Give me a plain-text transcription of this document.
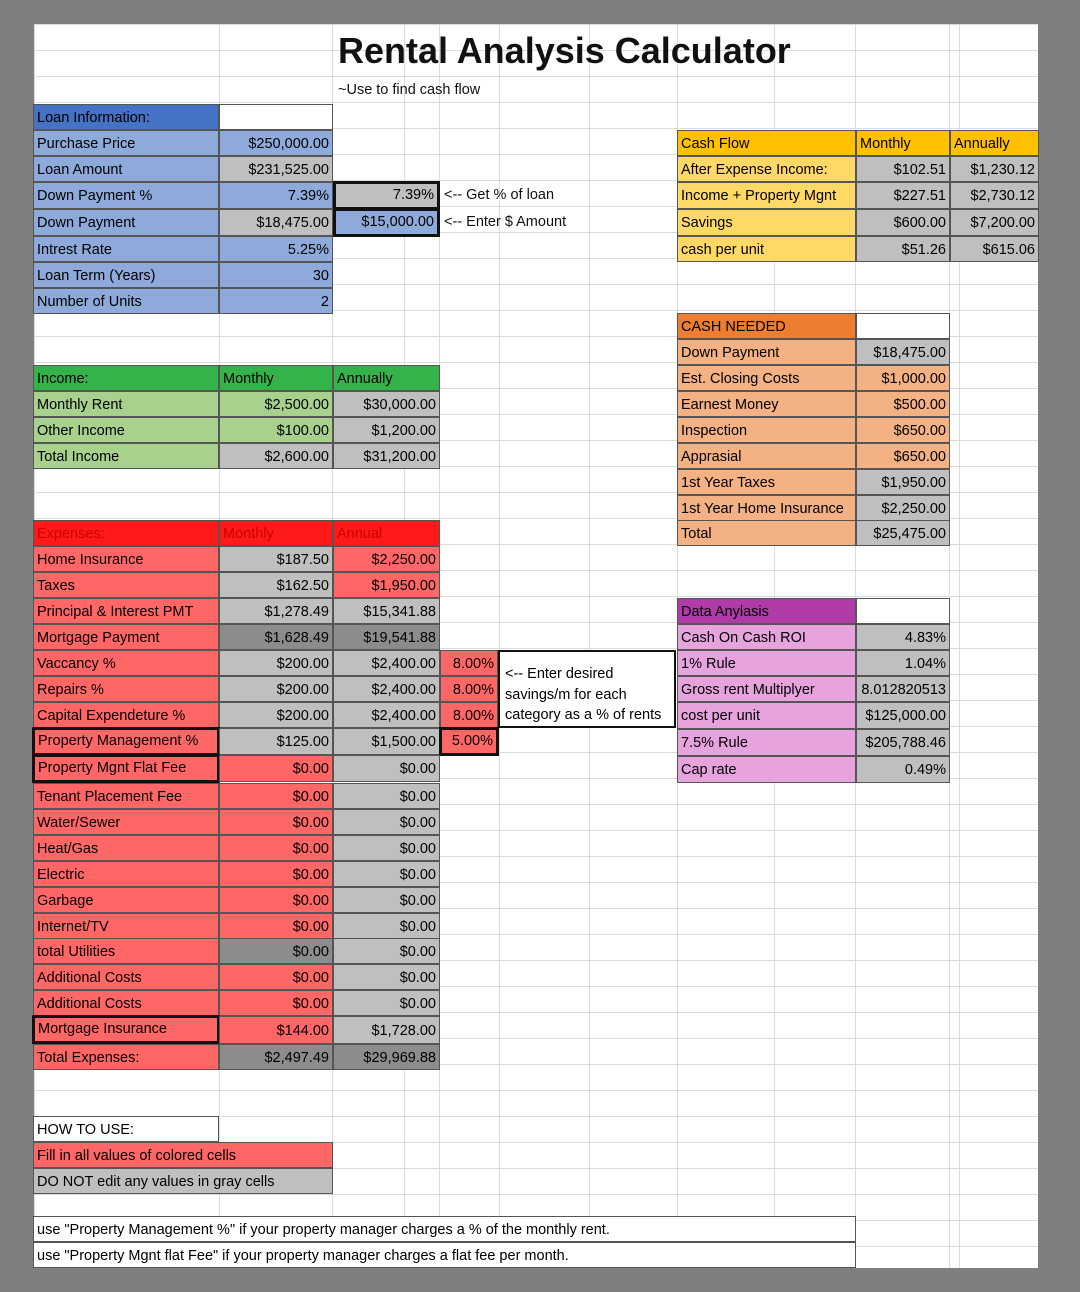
Rental Analysis Calculator
~Use to find cash flow
Loan Information:
Purchase Price	$250,000.00
Loan Amount	$231,525.00
Down Payment %	7.39%	7.39% <-- Get % of loan
Down Payment	$18,475.00	$15,000.00 <-- Enter $ Amount
Intrest Rate	5.25%
Loan Term (Years)	30
Number of Units	2
Income:	Monthly	Annually
Monthly Rent	$2,500.00	$30,000.00
Other Income	$100.00	$1,200.00
Total Income	$2,600.00	$31,200.00
Expenses:	Monthly	Annual
Home Insurance	$187.50	$2,250.00
Taxes	$162.50	$1,950.00
Principal & Interest PMT	$1,278.49	$15,341.88
Mortgage Payment	$1,628.49	$19,541.88
Vaccancy %	$200.00	$2,400.00	8.00%
Repairs %	$200.00	$2,400.00	8.00%
Capital Expendeture %	$200.00	$2,400.00	8.00%
<-- Enter desired
savings/m for each
category as a % of rents
Property Management %	$125.00	$1,500.00	5.00%
Property Mgnt Flat Fee	$0.00	$0.00
Tenant Placement Fee	$0.00	$0.00
Water/Sewer	$0.00	$0.00
Heat/Gas	$0.00	$0.00
Electric	$0.00	$0.00
Garbage	$0.00	$0.00
Internet/TV	$0.00	$0.00
total Utilities	$0.00	$0.00
Additional Costs	$0.00	$0.00
Additional Costs	$0.00	$0.00
Mortgage Insurance	$144.00	$1,728.00
Total Expenses:	$2,497.49	$29,969.88
HOW TO USE:
Fill in all values of colored cells
DO NOT edit any values in gray cells
use "Property Management %" if your property manager charges a % of the monthly rent.
use "Property Mgnt flat Fee" if your property manager charges a flat fee per month.
Cash Flow	Monthly	Annually
After Expense Income:	$102.51	$1,230.12
Income + Property Mgnt	$227.51	$2,730.12
Savings	$600.00	$7,200.00
cash per unit	$51.26	$615.06
CASH NEEDED
Down Payment	$18,475.00
Est. Closing Costs	$1,000.00
Earnest Money	$500.00
Inspection	$650.00
Apprasial	$650.00
1st Year Taxes	$1,950.00
1st Year Home Insurance	$2,250.00
Total	$25,475.00
Data Anylasis
Cash On Cash ROI	4.83%
1% Rule	1.04%
Gross rent Multiplyer	8.012820513
cost per unit	$125,000.00
7.5% Rule	$205,788.46
Cap rate	0.49%
